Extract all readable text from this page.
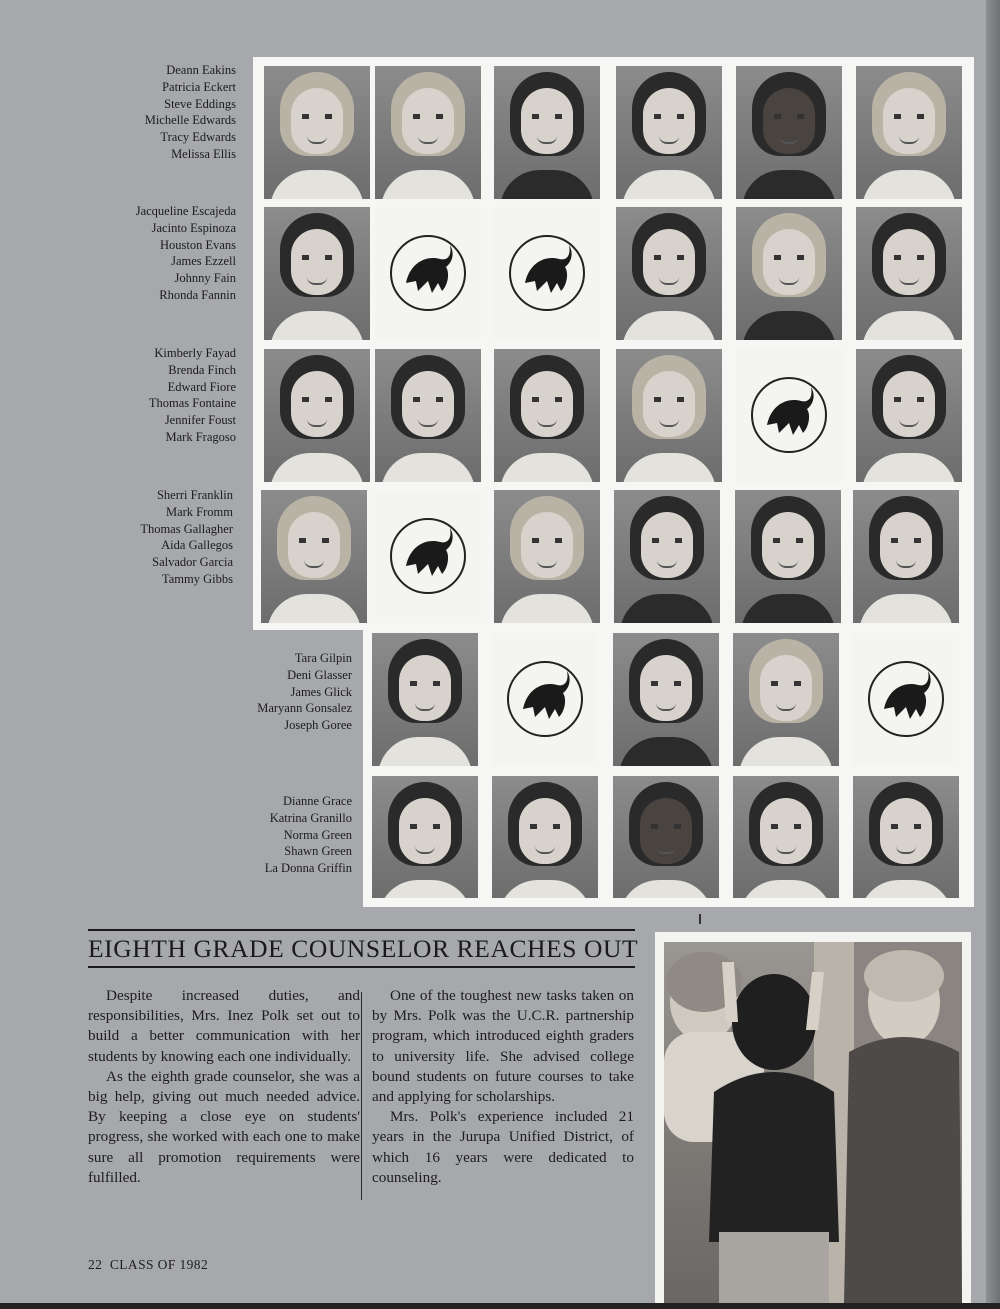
Deann Eakins
Patricia Eckert
Steve Eddings
Michelle Edwards
Tracy Edwards
Melissa Ellis
Jacqueline Escajeda
Jacinto Espinoza
Houston Evans
James Ezzell
Johnny Fain
Rhonda Fannin
Kimberly Fayad
Brenda Finch
Edward Fiore
Thomas Fontaine
Jennifer Foust
Mark Fragoso
Sherri Franklin
Mark Fromm
Thomas Gallagher
Aida Gallegos
Salvador Garcia
Tammy Gibbs
Tara Gilpin
Deni Glasser
James Glick
Maryann Gonsalez
Joseph Goree
Dianne Grace
Katrina Granillo
Norma Green
Shawn Green
La Donna Griffin
EIGHTH GRADE COUNSELOR REACHES OUT

Despite increased duties, and responsibilities, Mrs. Inez Polk set out to build a better communication with her students by knowing each one individually.

As the eighth grade counselor, she was a big help, giving out much needed advice. By keeping a close eye on students' progress, she worked with each one to make sure all promotion requirements were fulfilled.

One of the toughest new tasks taken on by Mrs. Polk was the U.C.R. partnership program, which introduced eighth graders to university life. She advised college bound students on future courses to take and applying for scholarships.

Mrs. Polk's experience included 21 years in the Jurupa Unified District, of which 16 years were dedicated to counseling.

22 CLASS OF 1982
